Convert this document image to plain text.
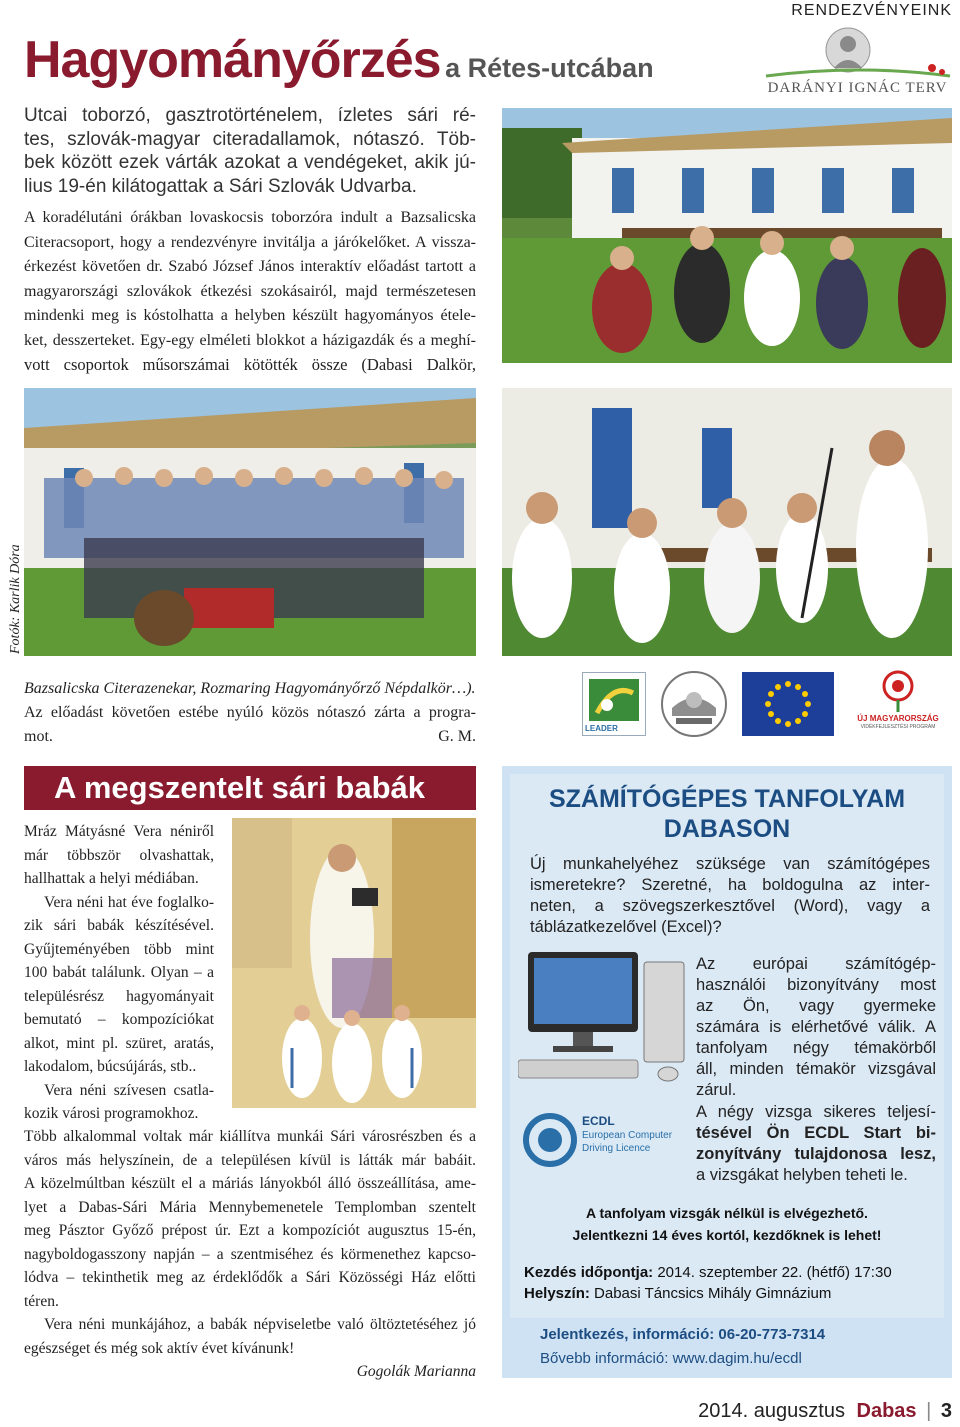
RENDEZVÉNYEINK
Hagyományőrzés a Rétes-utcában
DARÁNYI IGNÁC TERV
Utcai toborzó, gasztrotörténelem, ízletes sári ré-
tes, szlovák-magyar citeradallamok, nótaszó. Töb-
bek között ezek várták azokat a vendégeket, akik jú-
lius 19-én kilátogattak a Sári Szlovák Udvarba.
A koradélutáni órákban lovaskocsis toborzóra indult a Bazsalicska
Citeracsoport, hogy a rendezvényre invitálja a járókelőket. A vissza-
érkezést követően dr. Szabó József János interaktív előadást tartott a
magyarországi szlovákok étkezési szokásairól, majd természetesen
mindenki meg is kóstolhatta a helyben készült hagyományos étele-
ket, desszerteket. Egy-egy elméleti blokkot a házigazdák és a meghí-
vott csoportok műsorszámai kötötték össze (Dabasi Dalkör,
Fotók: Karlik Dóra
Bazsalicska Citerazenekar, Rozmaring Hagyományőrző Népdalkör…).
Az előadást követően estébe nyúló közös nótaszó zárta a progra-
mot.	G. M.	LEADER
ÚJ MAGYARORSZÁG
VIDÉKFEJLESZTÉSI PROGRAM
A megszentelt sári babák
Mráz Mátyásné Vera néniről
már többször olvashattak,
hallhattak a helyi médiában.
Vera néni hat éve foglalko-
zik sári babák készítésével.
Gyűjteményében több mint
100 babát találunk. Olyan – a
településrész hagyományait
bemutató – kompozíciókat
alkot, mint pl. szüret, aratás,
lakodalom, búcsújárás, stb..
Vera néni szívesen csatla-
kozik városi programokhoz.
Több alkalommal voltak már kiállítva munkái Sári városrészben és a
város más helyszínein, de a településen kívül is látták már babáit.
A közelmúltban készült el a máriás lányokból álló összeállítása, ame-
lyet a Dabas-Sári Mária Mennybemenetele Templomban szentelt
meg Pásztor Győző prépost úr. Ezt a kompozíciót augusztus 15-én,
nagyboldogasszony napján – a szentmiséhez és körmenethez kapcso-
lódva – tekinthetik meg az érdeklődők a Sári Közösségi Ház előtti
téren.
Vera néni munkájához, a babák népviseletbe való öltöztetéséhez jó
egészséget és még sok aktív évet kívánunk!
Gogolák Marianna
SZÁMÍTÓGÉPES TANFOLYAM
DABASON
Új munkahelyéhez szüksége van számítógépes
ismeretekre? Szeretné, ha boldogulna az inter-
neten, a szövegszerkesztővel (Word), vagy a
táblázatkezelővel (Excel)?
Az európai számítógép-
használói bizonyítvány most
az Ön, vagy gyermeke
számára is elérhetővé válik. A
tanfolyam négy témakörből
áll, minden témakör vizsgával
zárul.
ECDL
European Computer
Driving Licence
A négy vizsga sikeres teljesí-
tésével Ön ECDL Start bi-
zonyítvány tulajdonosa lesz,
a vizsgákat helyben teheti le.
A tanfolyam vizsgák nélkül is elvégezhető.
Jelentkezni 14 éves kortól, kezdőknek is lehet!
Kezdés időpontja: 2014. szeptember 22. (hétfő) 17:30
Helyszín: Dabasi Táncsics Mihály Gimnázium
Jelentkezés, információ: 06-20-773-7314
Bővebb információ: www.dagim.hu/ecdl
2014. augusztus Dabas | 3
